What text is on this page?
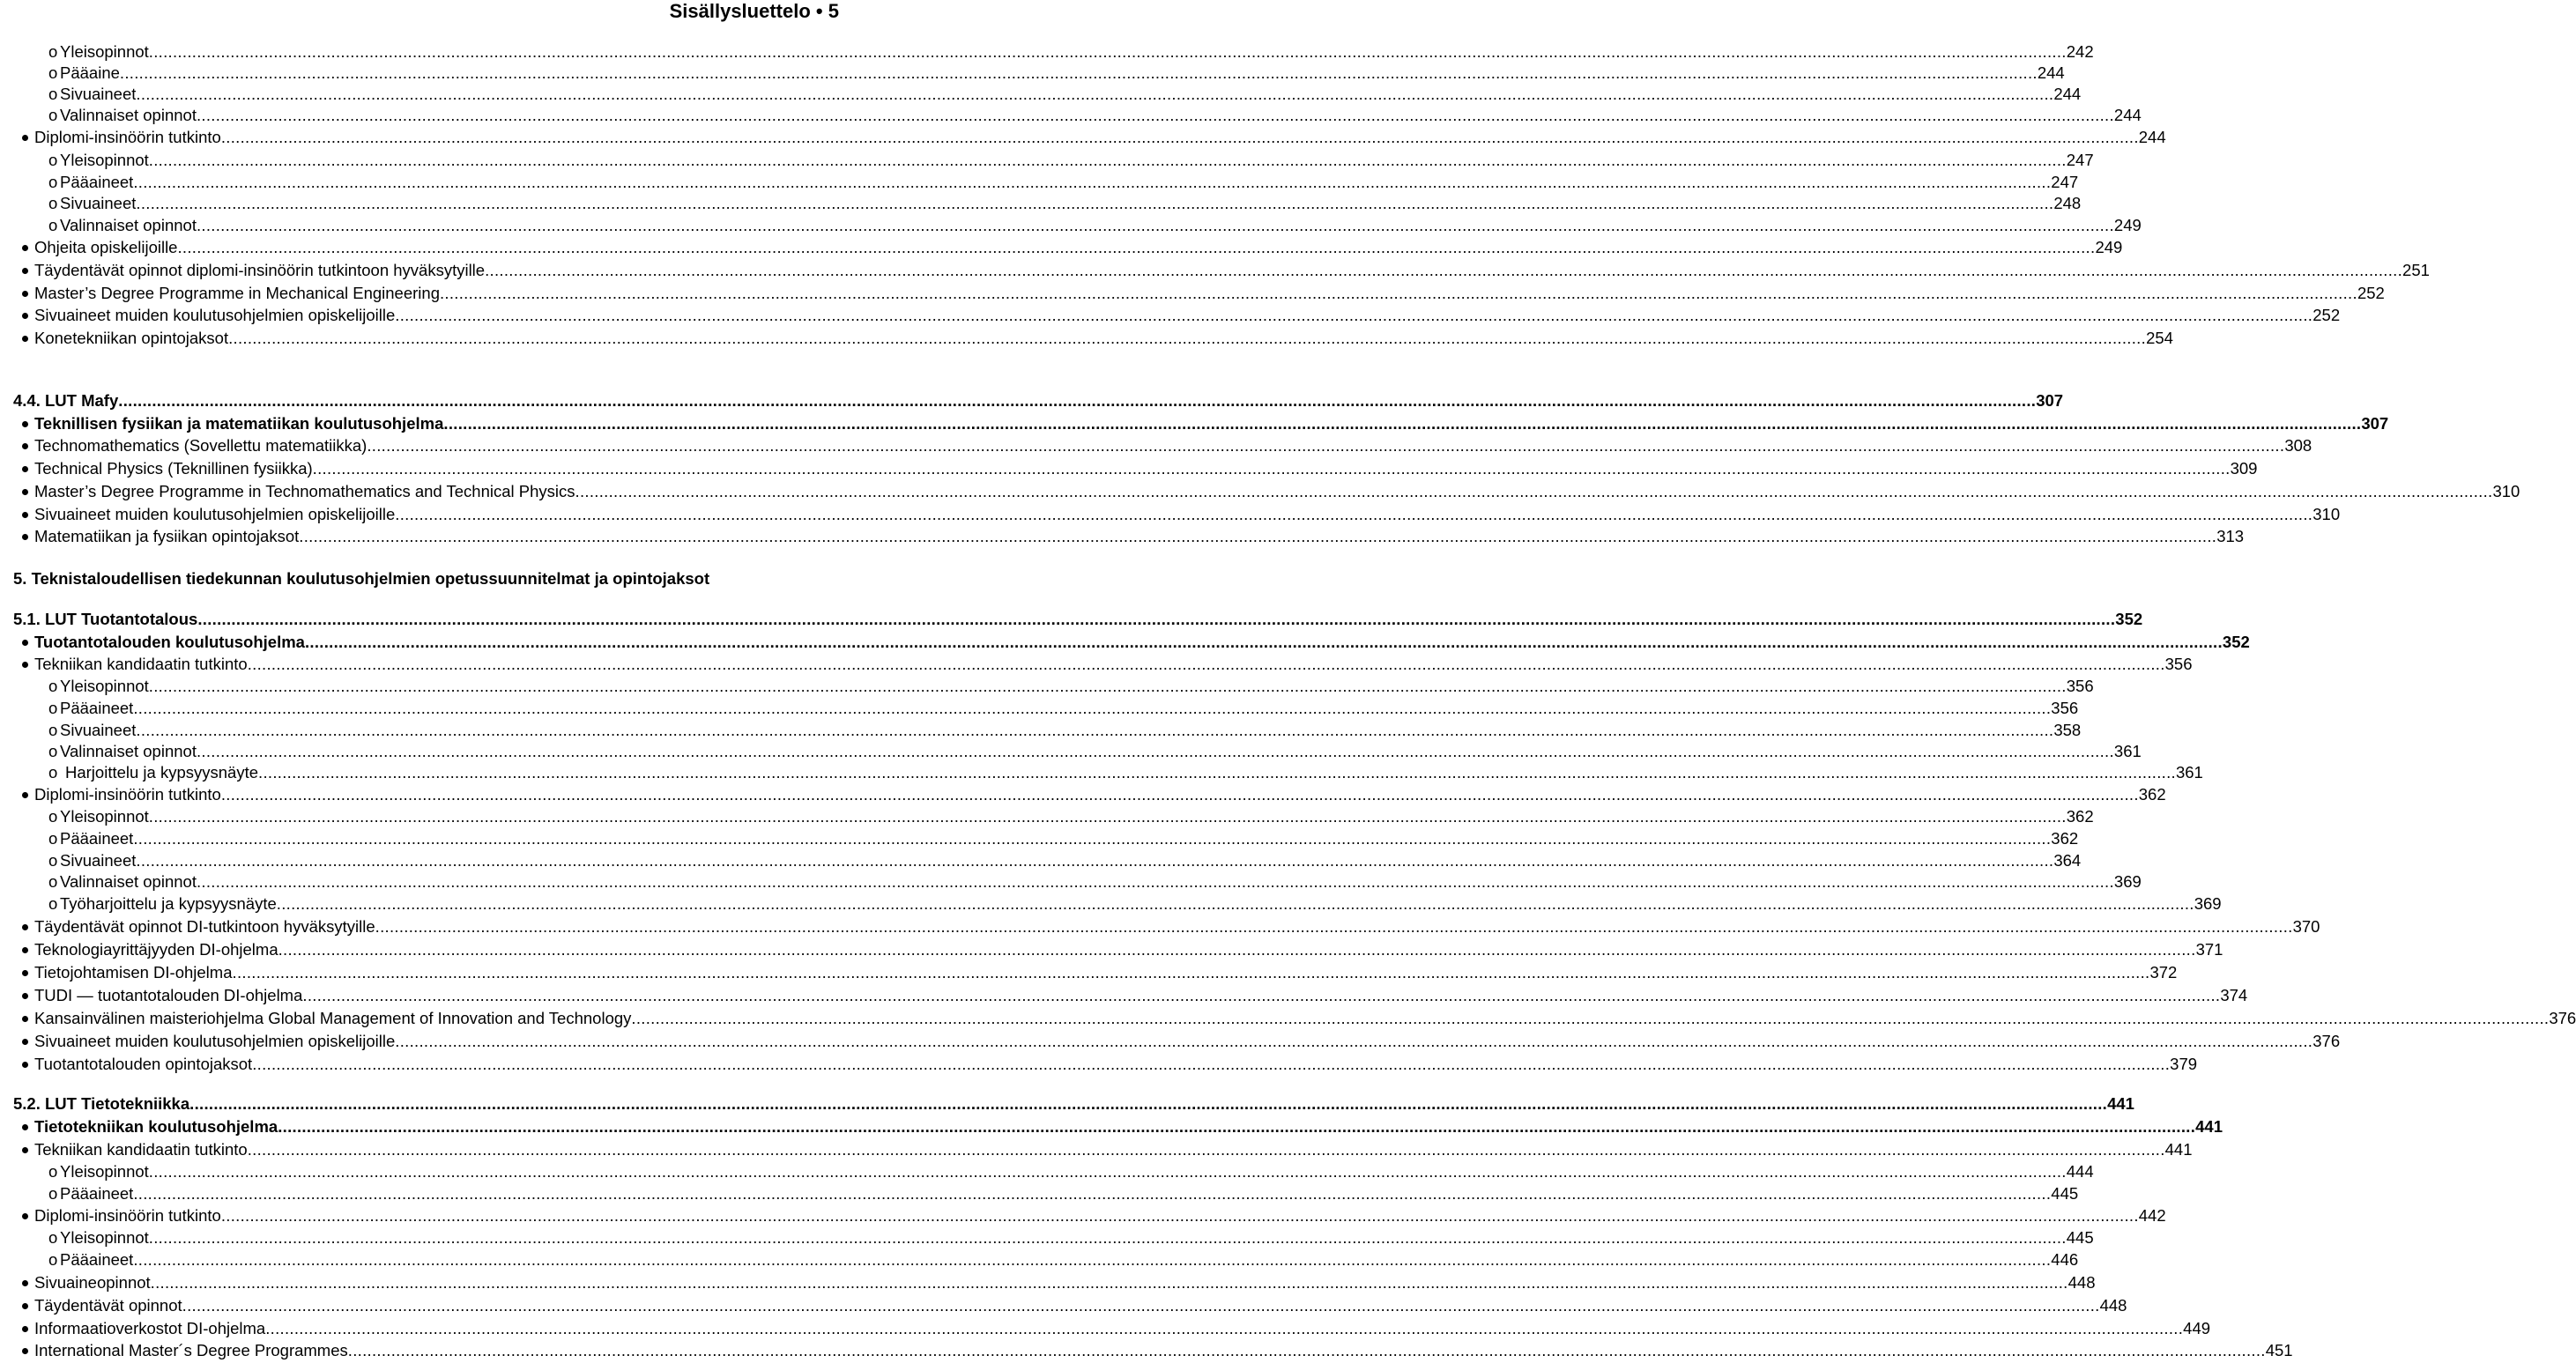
Sisällysluettelo • 5
o Yleisopinnot ................................................................................................................................................................................................................................................................................................................................................................................................................ 242
o Pääaine ................................................................................................................................................................................................................................................................................................................................................................................................................ 244
o Sivuaineet ................................................................................................................................................................................................................................................................................................................................................................................................................ 244
o Valinnaiset opinnot ................................................................................................................................................................................................................................................................................................................................................................................................................ 244
Diplomi-insinöörin tutkinto ................................................................................................................................................................................................................................................................................................................................................................................................................ 244
o Yleisopinnot ................................................................................................................................................................................................................................................................................................................................................................................................................ 247
o Pääaineet ................................................................................................................................................................................................................................................................................................................................................................................................................ 247
o Sivuaineet ................................................................................................................................................................................................................................................................................................................................................................................................................ 248
o Valinnaiset opinnot ................................................................................................................................................................................................................................................................................................................................................................................................................ 249
Ohjeita opiskelijoille ................................................................................................................................................................................................................................................................................................................................................................................................................ 249
Täydentävät opinnot diplomi-insinöörin tutkintoon hyväksytyille ................................................................................................................................................................................................................................................................................................................................................................................................................ 251
Master’s Degree Programme in Mechanical Engineering ................................................................................................................................................................................................................................................................................................................................................................................................................ 252
Sivuaineet muiden koulutusohjelmien opiskelijoille ................................................................................................................................................................................................................................................................................................................................................................................................................ 252
Konetekniikan opintojaksot ................................................................................................................................................................................................................................................................................................................................................................................................................ 254
4.4. LUT Mafy ................................................................................................................................................................................................................................................................................................................................................................................................................ 307
Teknillisen fysiikan ja matematiikan koulutusohjelma ................................................................................................................................................................................................................................................................................................................................................................................................................ 307
Technomathematics (Sovellettu matematiikka) ................................................................................................................................................................................................................................................................................................................................................................................................................ 308
Technical Physics (Teknillinen fysiikka) ................................................................................................................................................................................................................................................................................................................................................................................................................ 309
Master’s Degree Programme in Technomathematics and Technical Physics ................................................................................................................................................................................................................................................................................................................................................................................................................ 310
Sivuaineet muiden koulutusohjelmien opiskelijoille ................................................................................................................................................................................................................................................................................................................................................................................................................ 310
Matematiikan ja fysiikan opintojaksot ................................................................................................................................................................................................................................................................................................................................................................................................................ 313
5. Teknistaloudellisen tiedekunnan koulutusohjelmien opetussuunnitelmat ja opintojaksot
5.1. LUT Tuotantotalous ................................................................................................................................................................................................................................................................................................................................................................................................................ 352
Tuotantotalouden koulutusohjelma ................................................................................................................................................................................................................................................................................................................................................................................................................ 352
Tekniikan kandidaatin tutkinto ................................................................................................................................................................................................................................................................................................................................................................................................................ 356
o Yleisopinnot ................................................................................................................................................................................................................................................................................................................................................................................................................ 356
o Pääaineet ................................................................................................................................................................................................................................................................................................................................................................................................................ 356
o Sivuaineet ................................................................................................................................................................................................................................................................................................................................................................................................................ 358
o Valinnaiset opinnot ................................................................................................................................................................................................................................................................................................................................................................................................................ 361
o Harjoittelu ja kypsyysnäyte ................................................................................................................................................................................................................................................................................................................................................................................................................ 361
Diplomi-insinöörin tutkinto ................................................................................................................................................................................................................................................................................................................................................................................................................ 362
o Yleisopinnot ................................................................................................................................................................................................................................................................................................................................................................................................................ 362
o Pääaineet ................................................................................................................................................................................................................................................................................................................................................................................................................ 362
o Sivuaineet ................................................................................................................................................................................................................................................................................................................................................................................................................ 364
o Valinnaiset opinnot ................................................................................................................................................................................................................................................................................................................................................................................................................ 369
o Työharjoittelu ja kypsyysnäyte ................................................................................................................................................................................................................................................................................................................................................................................................................ 369
Täydentävät opinnot DI-tutkintoon hyväksytyille ................................................................................................................................................................................................................................................................................................................................................................................................................ 370
Teknologiayrittäjyyden DI-ohjelma ................................................................................................................................................................................................................................................................................................................................................................................................................ 371
Tietojohtamisen DI-ohjelma ................................................................................................................................................................................................................................................................................................................................................................................................................ 372
TUDI — tuotantotalouden DI-ohjelma ................................................................................................................................................................................................................................................................................................................................................................................................................ 374
Kansainvälinen maisteriohjelma Global Management of Innovation and Technology ................................................................................................................................................................................................................................................................................................................................................................................................................ 376
Sivuaineet muiden koulutusohjelmien opiskelijoille ................................................................................................................................................................................................................................................................................................................................................................................................................ 376
Tuotantotalouden opintojaksot ................................................................................................................................................................................................................................................................................................................................................................................................................ 379
5.2. LUT Tietotekniikka ................................................................................................................................................................................................................................................................................................................................................................................................................ 441
Tietotekniikan koulutusohjelma ................................................................................................................................................................................................................................................................................................................................................................................................................ 441
Tekniikan kandidaatin tutkinto ................................................................................................................................................................................................................................................................................................................................................................................................................ 441
o Yleisopinnot ................................................................................................................................................................................................................................................................................................................................................................................................................ 444
o Pääaineet ................................................................................................................................................................................................................................................................................................................................................................................................................ 445
Diplomi-insinöörin tutkinto ................................................................................................................................................................................................................................................................................................................................................................................................................ 442
o Yleisopinnot ................................................................................................................................................................................................................................................................................................................................................................................................................ 445
o Pääaineet ................................................................................................................................................................................................................................................................................................................................................................................................................ 446
Sivuaineopinnot ................................................................................................................................................................................................................................................................................................................................................................................................................ 448
Täydentävät opinnot ................................................................................................................................................................................................................................................................................................................................................................................................................ 448
Informaatioverkostot DI-ohjelma ................................................................................................................................................................................................................................................................................................................................................................................................................ 449
International Master´s Degree Programmes ................................................................................................................................................................................................................................................................................................................................................................................................................ 451
